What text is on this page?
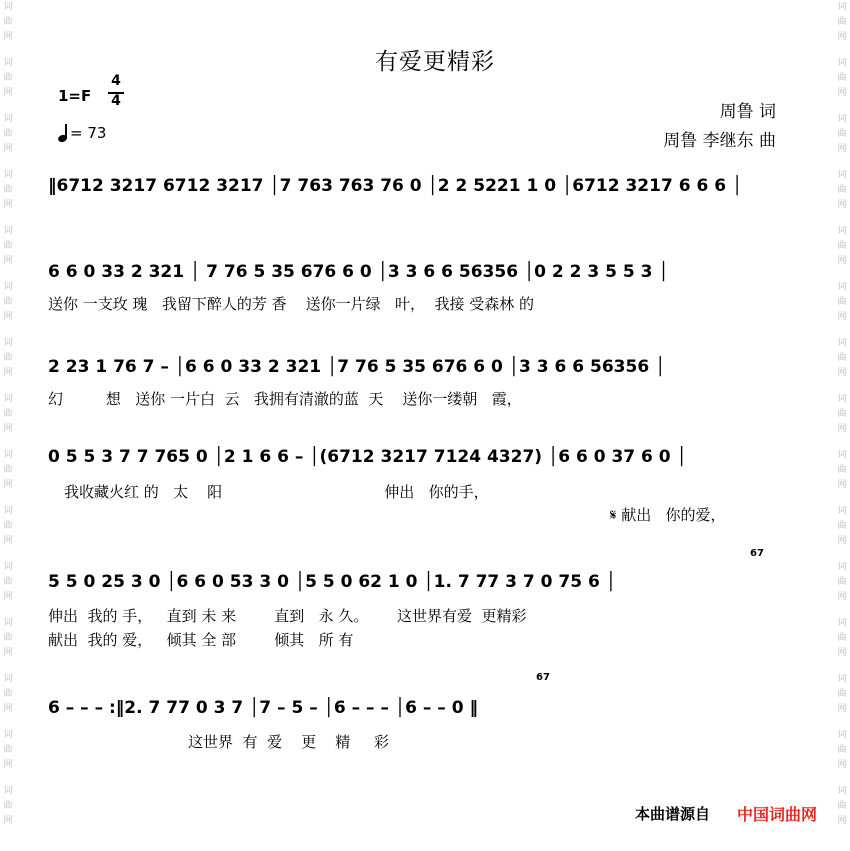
词
曲
网
词
曲
网
词
曲
网
词
曲
网
词
曲
网
词
曲
网
词
曲
网
词
曲
网
词
曲
网
词
曲
网
词
曲
网
词
曲
网
词
曲
网
词
曲
网
词
曲
网
词
曲
网
词
曲
网
词
曲
网
词
曲
网
词
曲
网
词
曲
网
词
曲
网
词
曲
网
词
曲
网
词
曲
网
词
曲
网
词
曲
网
词
曲
网
词
曲
网
词
曲
网
有爱更精彩
1=F
4
4
= 73
周鲁 词
周鲁 李继东 曲
‖6712 3217 6712 3217 │7 763 763 76 0 │2 2 5221 1 0 │6712 3217 6 6 6 │
6 6 0 33 2 321 │ 7 76 5 35 676 6 0 │3 3 6 6 56356 │0 2 2 3 5 5 3 │
送你 一支玫 瑰   我留下醉人的芳 香    送你一片绿   叶，  我接 受森林 的
2 23 1 76 7 – │6 6 0 33 2 321 │7 76 5 35 676 6 0 │3 3 6 6 56356 │
幻         想   送你 一片白  云   我拥有清澈的蓝  天    送你一缕朝   霞，
0 5 5 3 7 7 765 0 │2 1 6 6 – │(6712 3217 7124 4327) │6 6 0 37 6 0 │
我收藏火红 的   太    阳                                  伸出   你的手，
𝄋 献出   你的爱，
5 5 0 25 3 0 │6 6 0 53 3 0 │5 5 0 62 1 0 │1. 7 77 3 7 0 75 6 │
伸出  我的 手，   直到 未 来        直到   永 久。      这世界有爱  更精彩
献出  我的 爱，   倾其 全 部        倾其   所 有
67
6 – – – :‖2. 7 77 0 3 7 │7 – 5 – │6 – – – │6 – – 0 ‖
这世界  有  爱    更    精     彩
67
本曲谱源自 中国词曲网
